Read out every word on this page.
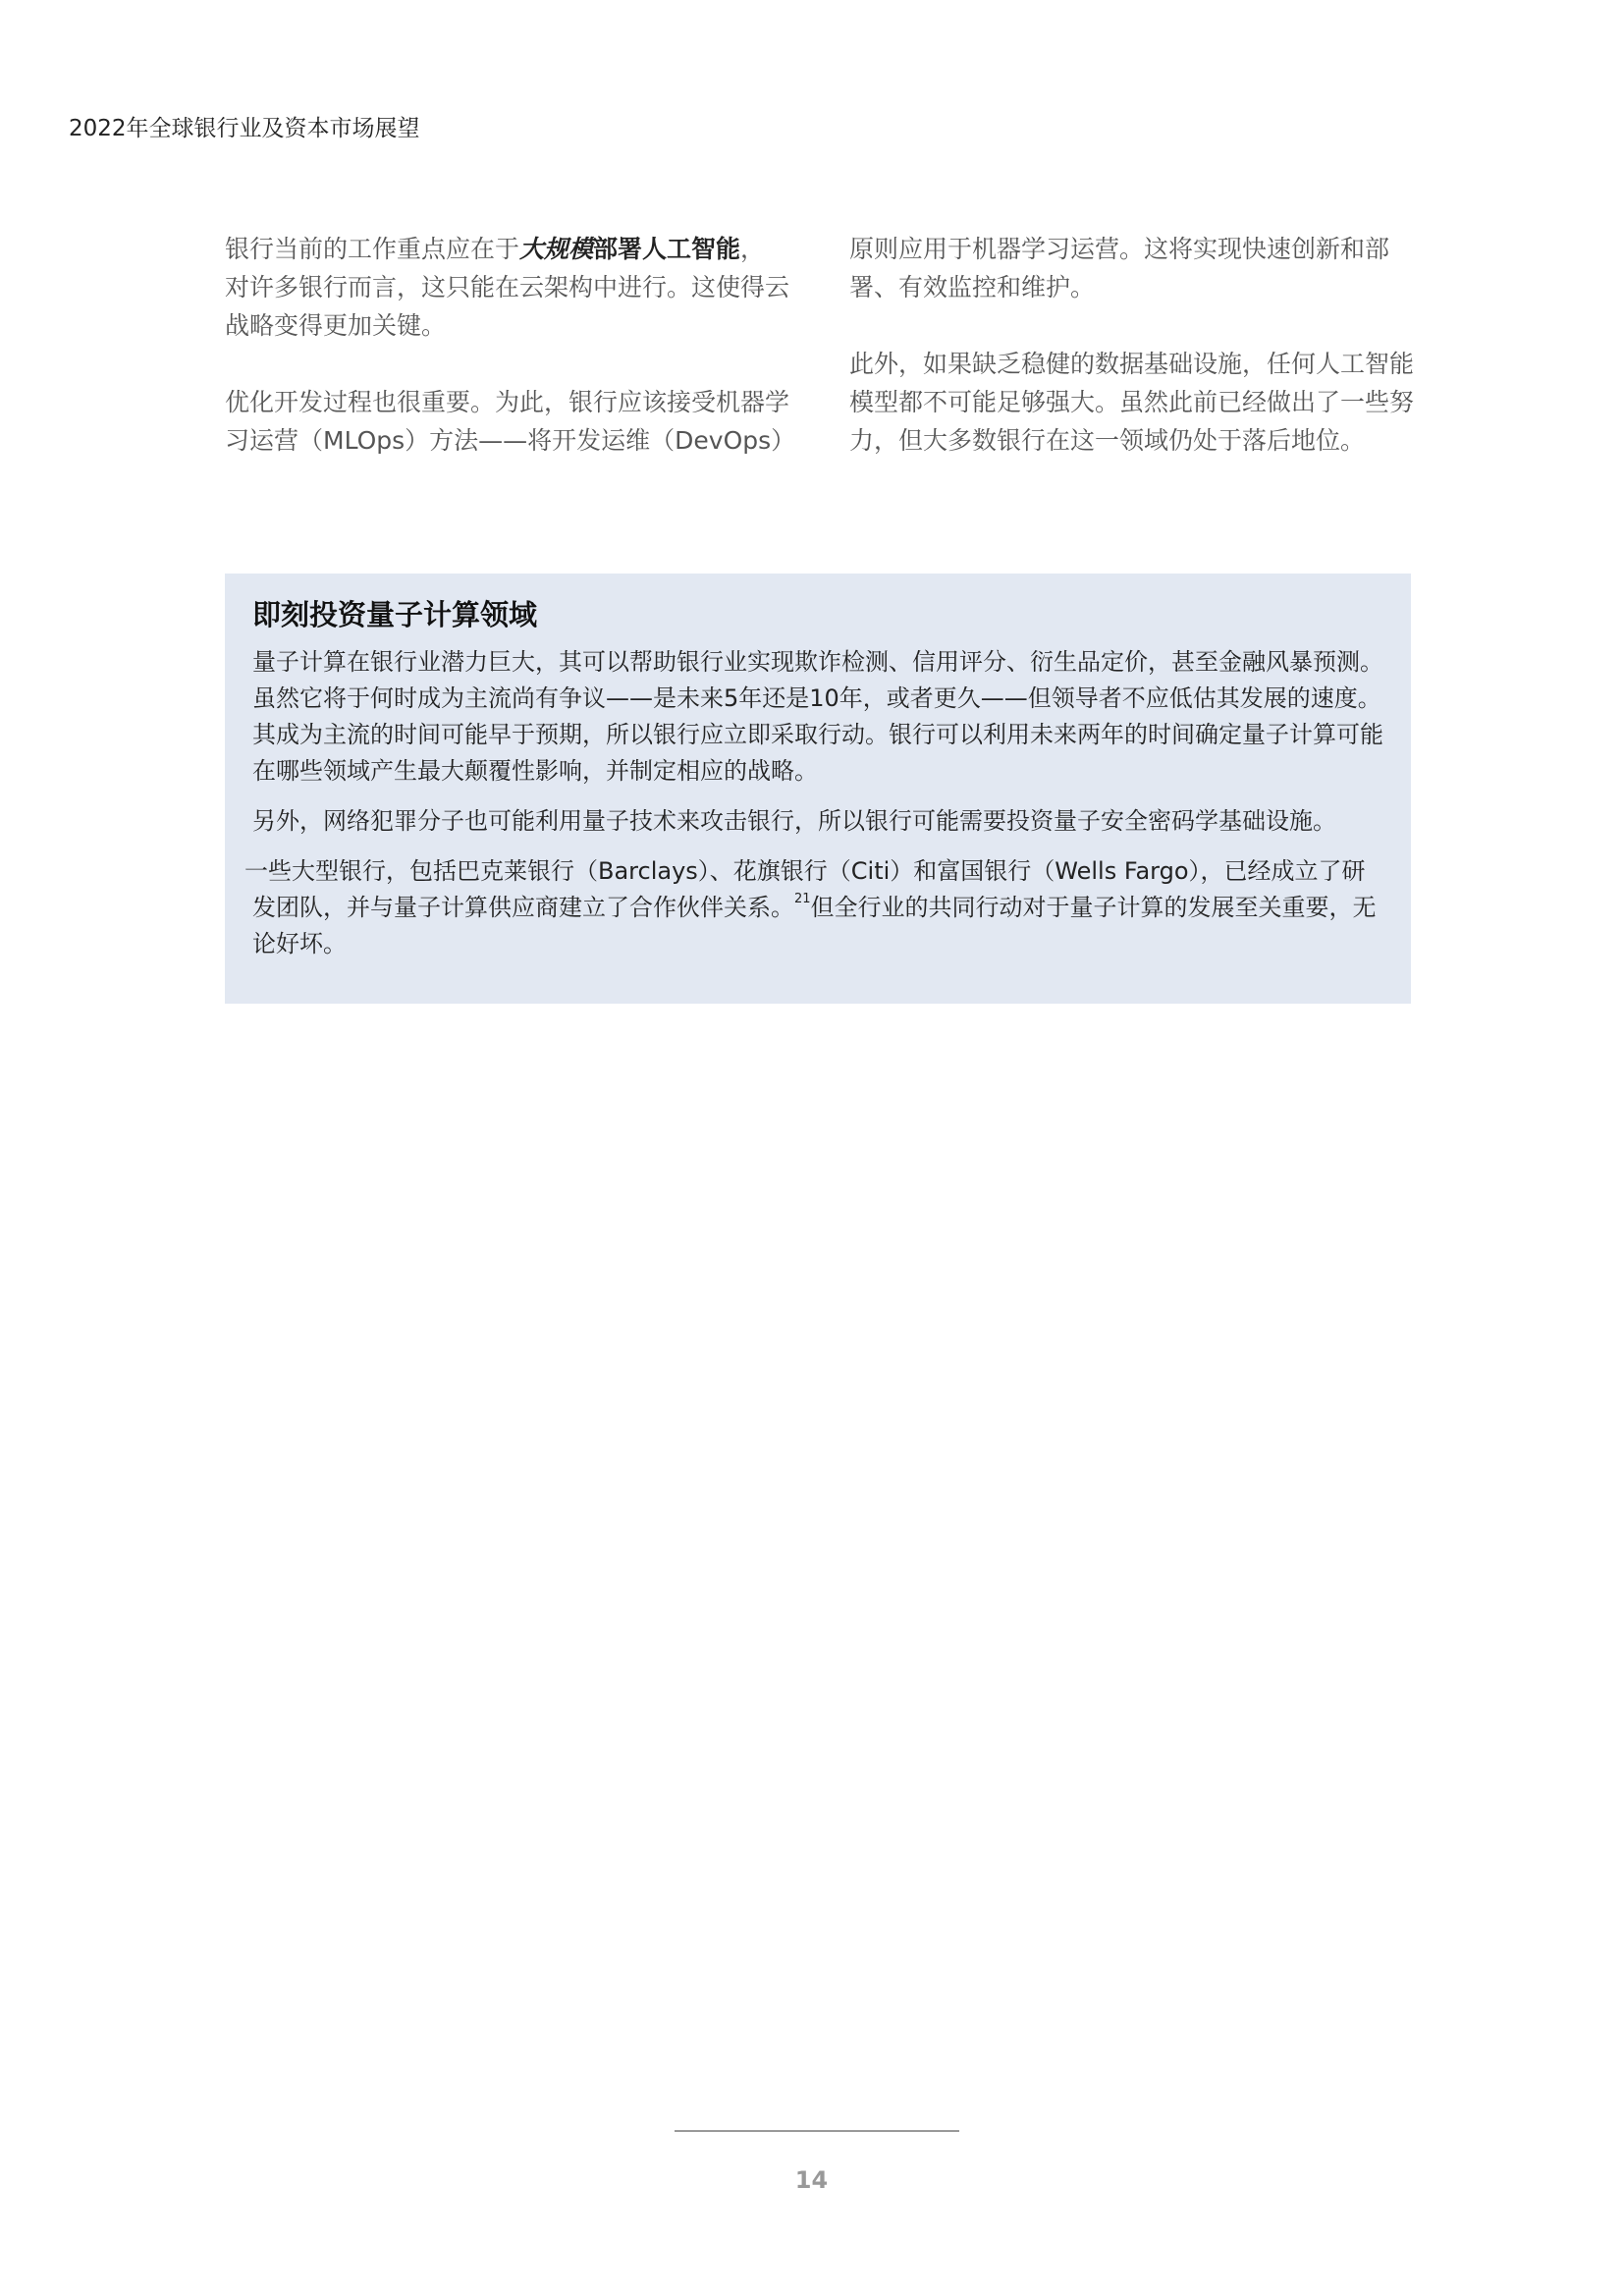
2022年全球银行业及资本市场展望

银行当前的工作重点应在于大规模部署人工智能，对许多银行而言，这只能在云架构中进行。这使得云战略变得更加关键。

优化开发过程也很重要。为此，银行应该接受机器学习运营（MLOps）方法——将开发运维（DevOps）

原则应用于机器学习运营。这将实现快速创新和部署、有效监控和维护。

此外，如果缺乏稳健的数据基础设施，任何人工智能模型都不可能足够强大。虽然此前已经做出了一些努力，但大多数银行在这一领域仍处于落后地位。

即刻投资量子计算领域

量子计算在银行业潜力巨大，其可以帮助银行业实现欺诈检测、信用评分、衍生品定价，甚至金融风暴预测。虽然它将于何时成为主流尚有争议——是未来5年还是10年，或者更久——但领导者不应低估其发展的速度。其成为主流的时间可能早于预期，所以银行应立即采取行动。银行可以利用未来两年的时间确定量子计算可能在哪些领域产生最大颠覆性影响，并制定相应的战略。

另外，网络犯罪分子也可能利用量子技术来攻击银行，所以银行可能需要投资量子安全密码学基础设施。

一些大型银行，包括巴克莱银行（Barclays）、花旗银行（Citi）和富国银行（Wells Fargo），已经成立了研发团队，并与量子计算供应商建立了合作伙伴关系。$^{21}$但全行业的共同行动对于量子计算的发展至关重要，无论好坏。

14
